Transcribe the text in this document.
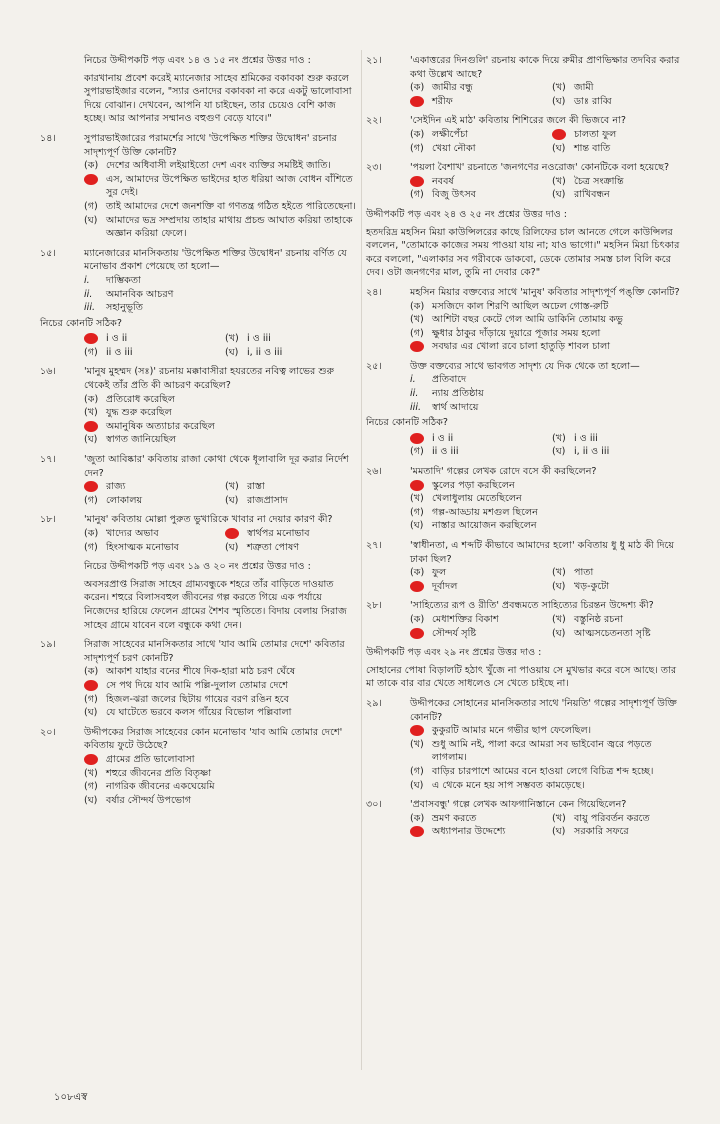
নিচের উদ্দীপকটি পড় এবং ১৪ ও ১৫ নং প্রশ্নের উত্তর দাও :
কারখানায় প্রবেশ করেই ম্যানেজার সাহেব শ্রমিকের বকাবকা শুরু করলে সুপারভাইজার বলেন, "স্যার ওনাদের বকাবকা না করে একটু ভালোবাসা দিয়ে বোঝান। দেখবেন, আপনি যা চাইছেন, তার চেয়েও বেশি কাজ হচ্ছে। আর আপনার সম্মানও বহুগুণ বেড়ে যাবে।"
১৪।	সুপারভাইজারের পরামর্শের সাথে 'উপেক্ষিত শক্তির উদ্বোধন' রচনার সাদৃশ্যপূর্ণ উক্তি কোনটি?
(ক) দেশের অধিবাসী লইয়াইতো দেশ এবং ব্যক্তির সমষ্টিই জাতি।
এস, আমাদের উপেক্ষিত ভাইদের হাত ধরিয়া আজ বোধন বাঁশিতে সুর দেই।
(গ) তাই আমাদের দেশে জনশক্তি বা গণতন্ত্র গঠিত হইতে পারিতেছেনা।
(ঘ) আমাদের ভদ্র সম্প্রদায় তাহার মাথায় প্রচন্ড আঘাত করিয়া তাহাকে অজ্ঞান করিয়া ফেলে।
১৫।	ম্যানেজারের মানসিকতায় 'উপেক্ষিত শক্তির উদ্বোধন' রচনায় বর্ণিত যে মনোভাব প্রকাশ পেয়েছে তা হলো—
i.	দাম্ভিকতা
ii.	অমানবিক আচরণ
iii.	সহানুভূতি
নিচের কোনটি সঠিক?
i ও ii	(খ) i ও iii
(গ) ii ও iii	(ঘ) i, ii ও iii
১৬।	'মানুষ মুহম্মদ (সঃ)' রচনায় মক্কাবাসীরা হযরতের নবিত্ব লাভের শুরু থেকেই তাঁর প্রতি কী আচরণ করেছিল?
(ক) প্রতিরোধ করেছিল
(খ) যুদ্ধ শুরু করেছিল
অমানুষিক অত্যাচার করেছিল
(ঘ) স্বাগত জানিয়েছিল
১৭।	'জুতা আবিষ্কার' কবিতায় রাজা কোথা থেকে ধূলাবালি দূর করার নির্দেশ দেন?
রাজ্য	(খ) রাস্তা
(গ) লোকালয়	(ঘ) রাজপ্রাসাদ
১৮।	'মানুষ' কবিতায় মোল্লা পুরুত ভুখারিকে খাবার না দেয়ার কারণ কী?
(ক) খাদ্যের অভাব	স্বার্থপর মনোভাব
(গ) হিংসাত্মক মনোভাব	(ঘ) শত্রুতা পোষণ
নিচের উদ্দীপকটি পড় এবং ১৯ ও ২০ নং প্রশ্নের উত্তর দাও :
অবসরপ্রাপ্ত সিরাজ সাহেব গ্রাম্যবন্ধুকে শহরে তাঁর বাড়িতে দাওয়াত করেন। শহুরে বিলাসবহুল জীবনের গল্প করতে গিয়ে এক পর্যায়ে নিজেদের হারিয়ে ফেলেন গ্রামের শৈশব স্মৃতিতে। বিদায় বেলায় সিরাজ সাহেব গ্রামে যাবেন বলে বন্ধুকে কথা দেন।
১৯।	সিরাজ সাহেবের মানসিকতার সাথে 'যাব আমি তোমার দেশে' কবিতার সাদৃশ্যপূর্ণ চরণ কোনটি?
(ক) আকাশ যাহার বনের শীষে দিক-হারা মাঠ চরণ ঘেঁষে
সে পথ দিয়ে যাব আমি পল্লি-দুলাল তোমার দেশে
(গ) হিজল-ঝরা জলের ছিটায় গায়ের বরণ রঙিন হবে
(ঘ) যে ঘাটেতে ভরবে কলস গাঁয়ের বিভোল পল্লিবালা
২০।	উদ্দীপকের সিরাজ সাহেবের কোন মনোভাব 'যাব আমি তোমার দেশে' কবিতায় ফুটে উঠেছে?
গ্রামের প্রতি ভালোবাসা
(খ) শহুরে জীবনের প্রতি বিতৃষ্ণা
(গ) নাগরিক জীবনের একঘেয়েমি
(ঘ) বর্ষার সৌন্দর্য উপভোগ
২১।	'একাত্তরের দিনগুলি' রচনায় কাকে দিয়ে রুমীর প্রাণভিক্ষার তদবির করার কথা উল্লেখ আছে?
(ক) জামীর বন্ধু	(খ) জামী
শরীফ	(ঘ) ডাঃ রাব্বি
২২।	'সেইদিন এই মাঠ' কবিতায় শিশিরের জলে কী ভিজবে না?
(ক) লক্ষীপেঁচা	চালতা ফুল
(গ) খেয়া নৌকা	(ঘ) শান্ত বাতি
২৩।	'পয়লা বৈশাখ' রচনাতে 'জনগণের নওরোজ' কোনটিকে বলা হয়েছে?
নববর্ষ	(খ) চৈত্র সংক্রান্তি
(গ) বিজু উৎসব	(ঘ) রাখিবন্ধন
উদ্দীপকটি পড় এবং ২৪ ও ২৫ নং প্রশ্নের উত্তর দাও :
হতদরিদ্র মহসিন মিয়া কাউন্সিলরের কাছে রিলিফের চাল আনতে গেলে কাউন্সিলর বললেন, "তোমাকে কাজের সময় পাওয়া যায় না; যাও ভাগো।" মহসিন মিয়া চিৎকার করে বললো, "এলাকার সব গরীবকে ডাকবো, ডেকে তোমার সমস্ত চাল বিলি করে দেব। ওটা জনগণের মাল, তুমি না দেবার কে?"
২৪।	মহসিন মিয়ার বক্তব্যের সাথে 'মানুষ' কবিতার সাদৃশ্যপূর্ণ পঙ্‌ক্তি কোনটি?
(ক) মসজিদে কাল শিরণি আছিল অঢেল গোস্ত-রুটি
(খ) আশিটা বছর কেটে গেল আমি ডাকিনি তোমায় কভু
(গ) ক্ষুধার ঠাকুর দাঁড়ায়ে দুয়ারে পূজার সময় হলো
সবদ্বার এর খোলা রবে চালা হাতুড়ি শাবল চালা
২৫।	উক্ত বক্তব্যের সাথে ভাবগত সাদৃশ্য যে দিক থেকে তা হলো—
i.	প্রতিবাদে
ii.	ন্যায় প্রতিষ্ঠায়
iii.	স্বার্থ আদায়ে
নিচের কোনটি সঠিক?
i ও ii	(খ) i ও iii
(গ) ii ও iii	(ঘ) i, ii ও iii
২৬।	'মমতাদি' গল্পের লেখক রোদে বসে কী করছিলেন?
স্কুলের পড়া করছিলেন
(খ) খেলাধুলায় মেতেছিলেন
(গ) গল্প-আড্ডায় মশগুল ছিলেন
(ঘ) নাস্তার আয়োজন করছিলেন
২৭।	'স্বাধীনতা, এ শব্দটি কীভাবে আমাদের হলো' কবিতায় ধু ধু মাঠ কী দিয়ে ঢাকা ছিল?
(ক) ফুল	(খ) পাতা
দূর্বাদল	(ঘ) খড়-কুটো
২৮।	'সাহিত্যের রূপ ও রীতি' প্রবন্ধমতে সাহিত্যের চিরন্তন উদ্দেশ্য কী?
(ক) মেধাশক্তির বিকাশ	(খ) বস্তুনিষ্ঠ রচনা
সৌন্দর্য সৃষ্টি	(ঘ) আত্মসচেতনতা সৃষ্টি
উদ্দীপকটি পড় এবং ২৯ নং প্রশ্নের উত্তর দাও :
সোহানের পোষা বিড়ালটি হঠাৎ খুঁজে না পাওয়ায় সে মুখভার করে বসে আছে। তার মা তাকে বার বার খেতে সাধলেও সে খেতে চাইছে না।
২৯।	উদ্দীপকের সোহানের মানসিকতার সাথে 'নিয়তি' গল্পের সাদৃশ্যপূর্ণ উক্তি কোনটি?
কুকুরটি আমার মনে গভীর ছাপ ফেলেছিল।
(খ) শুধু আমি নই, পালা করে আমরা সব ভাইবোন জ্বরে পড়তে লাগলাম।
(গ) বাড়ির চারপাশে আমের বনে হাওয়া লেগে বিচিত্র শব্দ হচ্ছে।
(ঘ) এ থেকে মনে হয় সাপ সম্ভবত কামড়েছে।
৩০।	'প্রবাসবন্ধু' গল্পে লেখক আফগানিস্তানে কেন গিয়েছিলেন?
(ক) ভ্রমণ করতে	(খ) বায়ু পরিবর্তন করতে
অধ্যাপনার উদ্দেশ্যে	(ঘ) সরকারি সফরে
১০৮এস্ব
